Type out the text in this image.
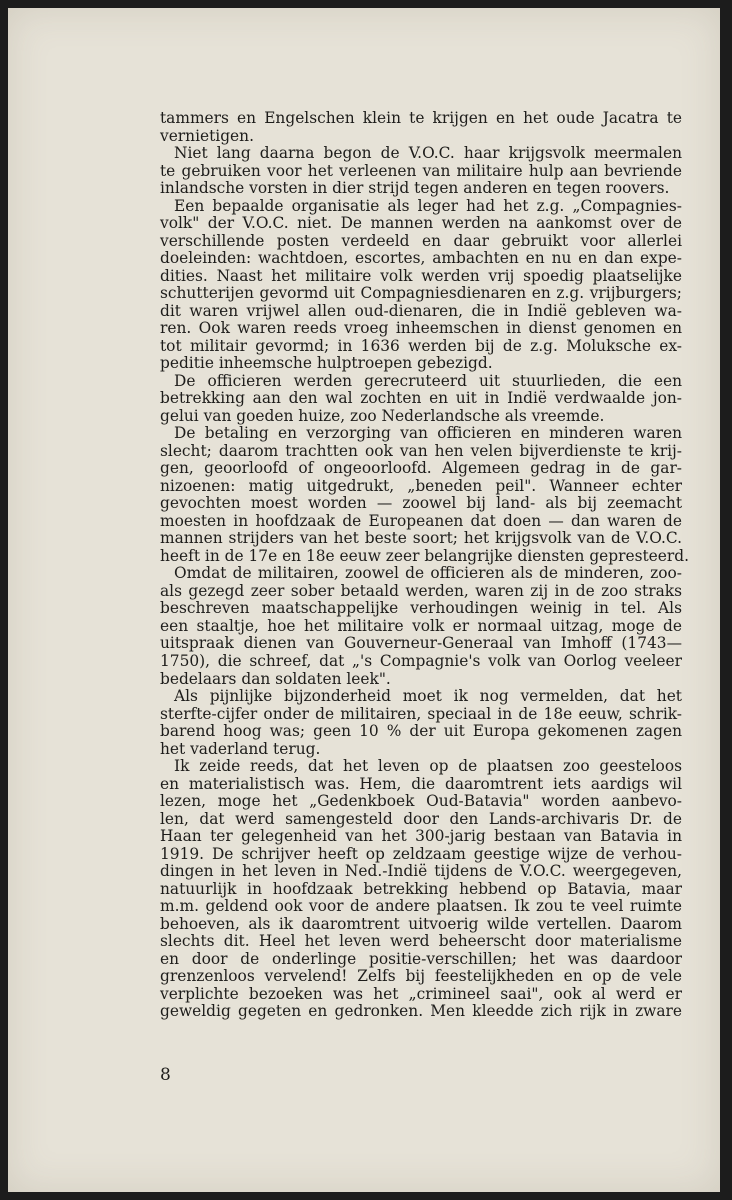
tammers en Engelschen klein te krijgen en het oude Jacatra te
vernietigen.
Niet lang daarna begon de V.O.C. haar krijgsvolk meermalen
te gebruiken voor het verleenen van militaire hulp aan bevriende
inlandsche vorsten in dier strijd tegen anderen en tegen roovers.
Een bepaalde organisatie als leger had het z.g. „Compagnies-
volk" der V.O.C. niet. De mannen werden na aankomst over de
verschillende posten verdeeld en daar gebruikt voor allerlei
doeleinden: wachtdoen, escortes, ambachten en nu en dan expe-
dities. Naast het militaire volk werden vrij spoedig plaatselijke
schutterijen gevormd uit Compagniesdienaren en z.g. vrijburgers;
dit waren vrijwel allen oud-dienaren, die in Indië gebleven wa-
ren. Ook waren reeds vroeg inheemschen in dienst genomen en
tot militair gevormd; in 1636 werden bij de z.g. Moluksche ex-
peditie inheemsche hulptroepen gebezigd.
De officieren werden gerecruteerd uit stuurlieden, die een
betrekking aan den wal zochten en uit in Indië verdwaalde jon-
gelui van goeden huize, zoo Nederlandsche als vreemde.
De betaling en verzorging van officieren en minderen waren
slecht; daarom trachtten ook van hen velen bijverdienste te krij-
gen, geoorloofd of ongeoorloofd. Algemeen gedrag in de gar-
nizoenen: matig uitgedrukt, „beneden peil". Wanneer echter
gevochten moest worden — zoowel bij land- als bij zeemacht
moesten in hoofdzaak de Europeanen dat doen — dan waren de
mannen strijders van het beste soort; het krijgsvolk van de V.O.C.
heeft in de 17e en 18e eeuw zeer belangrijke diensten gepresteerd.
Omdat de militairen, zoowel de officieren als de minderen, zoo-
als gezegd zeer sober betaald werden, waren zij in de zoo straks
beschreven maatschappelijke verhoudingen weinig in tel. Als
een staaltje, hoe het militaire volk er normaal uitzag, moge de
uitspraak dienen van Gouverneur-Generaal van Imhoff (1743—
1750), die schreef, dat „'s Compagnie's volk van Oorlog veeleer
bedelaars dan soldaten leek".
Als pijnlijke bijzonderheid moet ik nog vermelden, dat het
sterfte-cijfer onder de militairen, speciaal in de 18e eeuw, schrik-
barend hoog was; geen 10 % der uit Europa gekomenen zagen
het vaderland terug.
Ik zeide reeds, dat het leven op de plaatsen zoo geesteloos
en materialistisch was. Hem, die daaromtrent iets aardigs wil
lezen, moge het „Gedenkboek Oud-Batavia" worden aanbevo-
len, dat werd samengesteld door den Lands-archivaris Dr. de
Haan ter gelegenheid van het 300-jarig bestaan van Batavia in
1919. De schrijver heeft op zeldzaam geestige wijze de verhou-
dingen in het leven in Ned.-Indië tijdens de V.O.C. weergegeven,
natuurlijk in hoofdzaak betrekking hebbend op Batavia, maar
m.m. geldend ook voor de andere plaatsen. Ik zou te veel ruimte
behoeven, als ik daaromtrent uitvoerig wilde vertellen. Daarom
slechts dit. Heel het leven werd beheerscht door materialisme
en door de onderlinge positie-verschillen; het was daardoor
grenzenloos vervelend! Zelfs bij feestelijkheden en op de vele
verplichte bezoeken was het „crimineel saai", ook al werd er
geweldig gegeten en gedronken. Men kleedde zich rijk in zware

8
